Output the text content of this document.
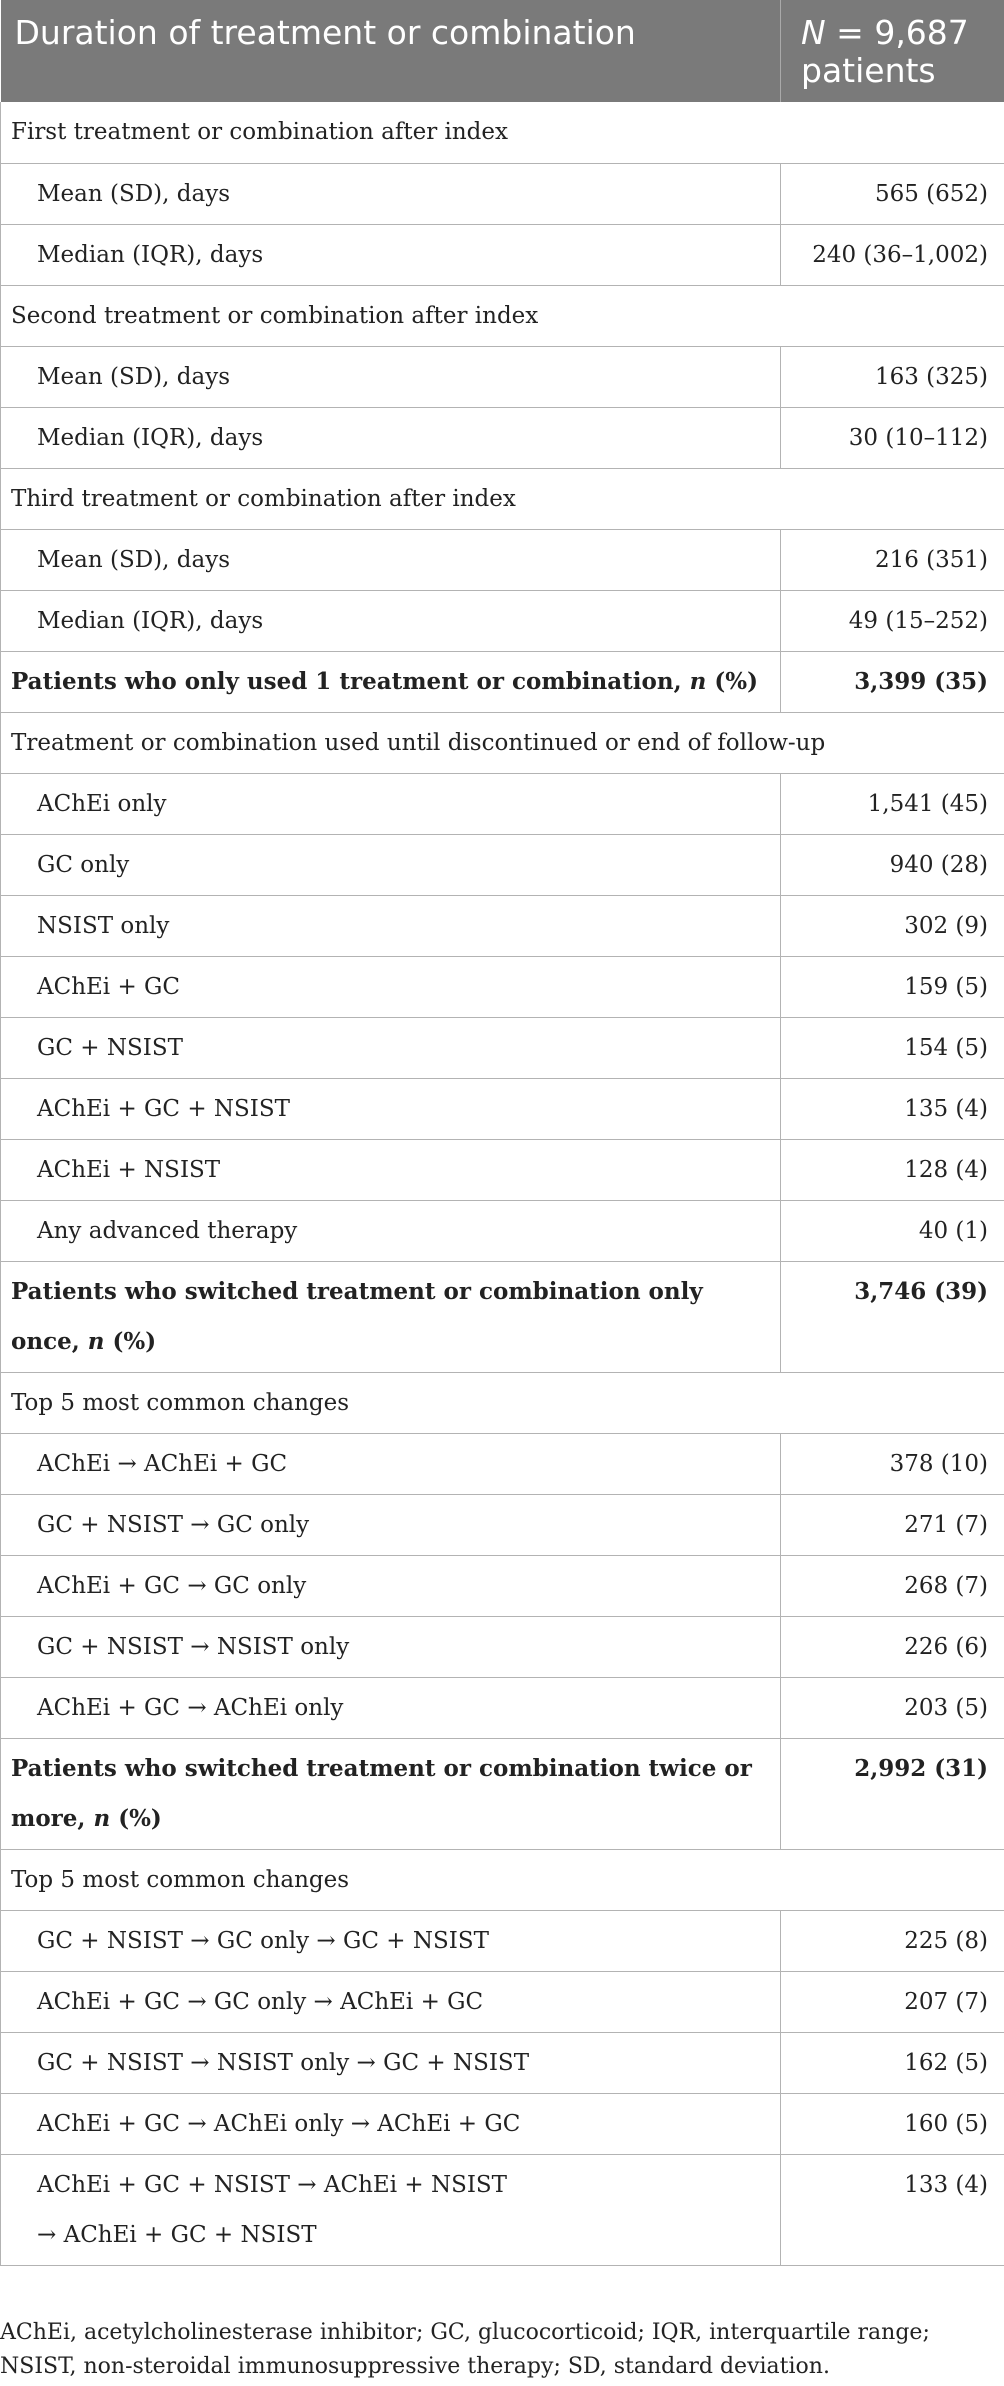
Duration of treatment or combination	N = 9,687 patients
First treatment or combination after index	
Mean (SD), days	565 (652)
Median (IQR), days	240 (36–1,002)
Second treatment or combination after index	
Mean (SD), days	163 (325)
Median (IQR), days	30 (10–112)
Third treatment or combination after index	
Mean (SD), days	216 (351)
Median (IQR), days	49 (15–252)
Patients who only used 1 treatment or combination, n (%)	3,399 (35)
Treatment or combination used until discontinued or end of follow-up	
AChEi only	1,541 (45)
GC only	940 (28)
NSIST only	302 (9)
AChEi + GC	159 (5)
GC + NSIST	154 (5)
AChEi + GC + NSIST	135 (4)
AChEi + NSIST	128 (4)
Any advanced therapy	40 (1)
Patients who switched treatment or combination only once, n (%)	3,746 (39)
Top 5 most common changes	
AChEi → AChEi + GC	378 (10)
GC + NSIST → GC only	271 (7)
AChEi + GC → GC only	268 (7)
GC + NSIST → NSIST only	226 (6)
AChEi + GC → AChEi only	203 (5)
Patients who switched treatment or combination twice or more, n (%)	2,992 (31)
Top 5 most common changes	
GC + NSIST → GC only → GC + NSIST	225 (8)
AChEi + GC → GC only → AChEi + GC	207 (7)
GC + NSIST → NSIST only → GC + NSIST	162 (5)
AChEi + GC → AChEi only → AChEi + GC	160 (5)

AChEi + GC + NSIST → AChEi + NSIST
→ AChEi + GC + NSIST	133 (4)
AChEi, acetylcholinesterase inhibitor; GC, glucocorticoid; IQR, interquartile range; NSIST, non-steroidal immunosuppressive therapy; SD, standard deviation.
